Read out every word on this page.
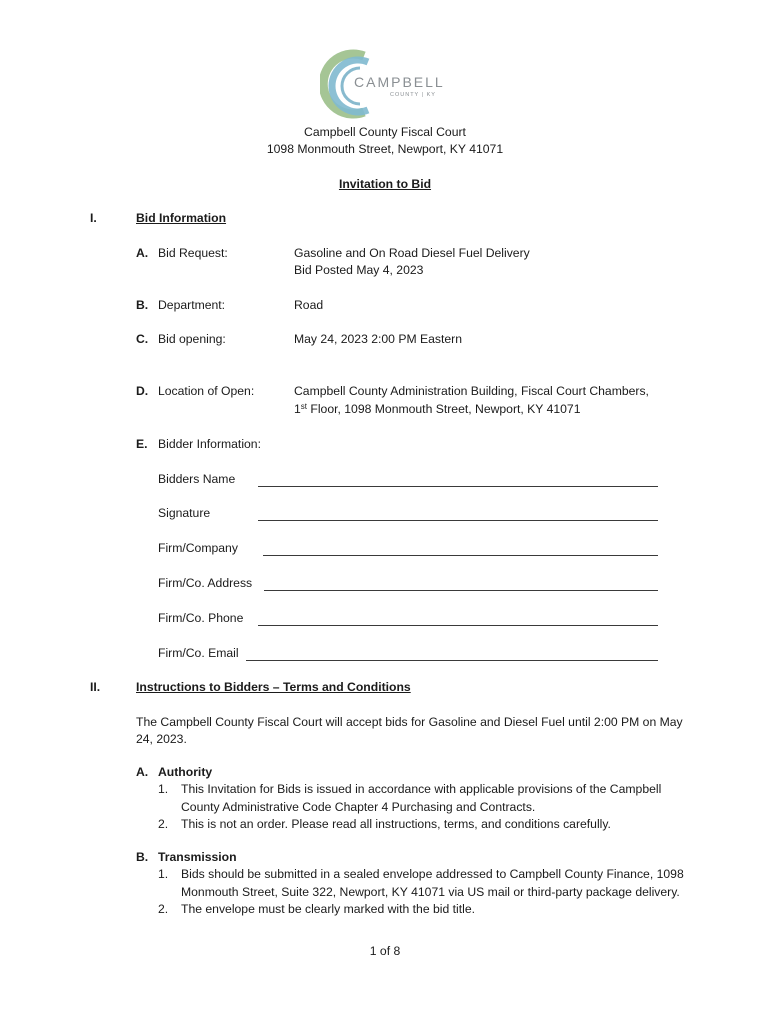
CAMPBELL
COUNTY | KY
Campbell County Fiscal Court
1098 Monmouth Street, Newport, KY 41071
Invitation to Bid
I.	Bid Information
A. Bid Request:	Gasoline and On Road Diesel Fuel Delivery
Bid Posted May 4, 2023
B. Department:	Road
C. Bid opening:	May 24, 2023 2:00 PM Eastern
D. Location of Open:	Campbell County Administration Building, Fiscal Court Chambers,
1st Floor, 1098 Monmouth Street, Newport, KY 41071
E. Bidder Information:
Bidders Name
Signature
Firm/Company
Firm/Co. Address
Firm/Co. Phone
Firm/Co. Email
II.	Instructions to Bidders – Terms and Conditions
The Campbell County Fiscal Court will accept bids for Gasoline and Diesel Fuel until 2:00 PM on May
24, 2023.
A. Authority
1. This Invitation for Bids is issued in accordance with applicable provisions of the Campbell
County Administrative Code Chapter 4 Purchasing and Contracts.
2. This is not an order. Please read all instructions, terms, and conditions carefully.
B. Transmission
1. Bids should be submitted in a sealed envelope addressed to Campbell County Finance, 1098
Monmouth Street, Suite 322, Newport, KY 41071 via US mail or third-party package delivery.
2. The envelope must be clearly marked with the bid title.
1 of 8
